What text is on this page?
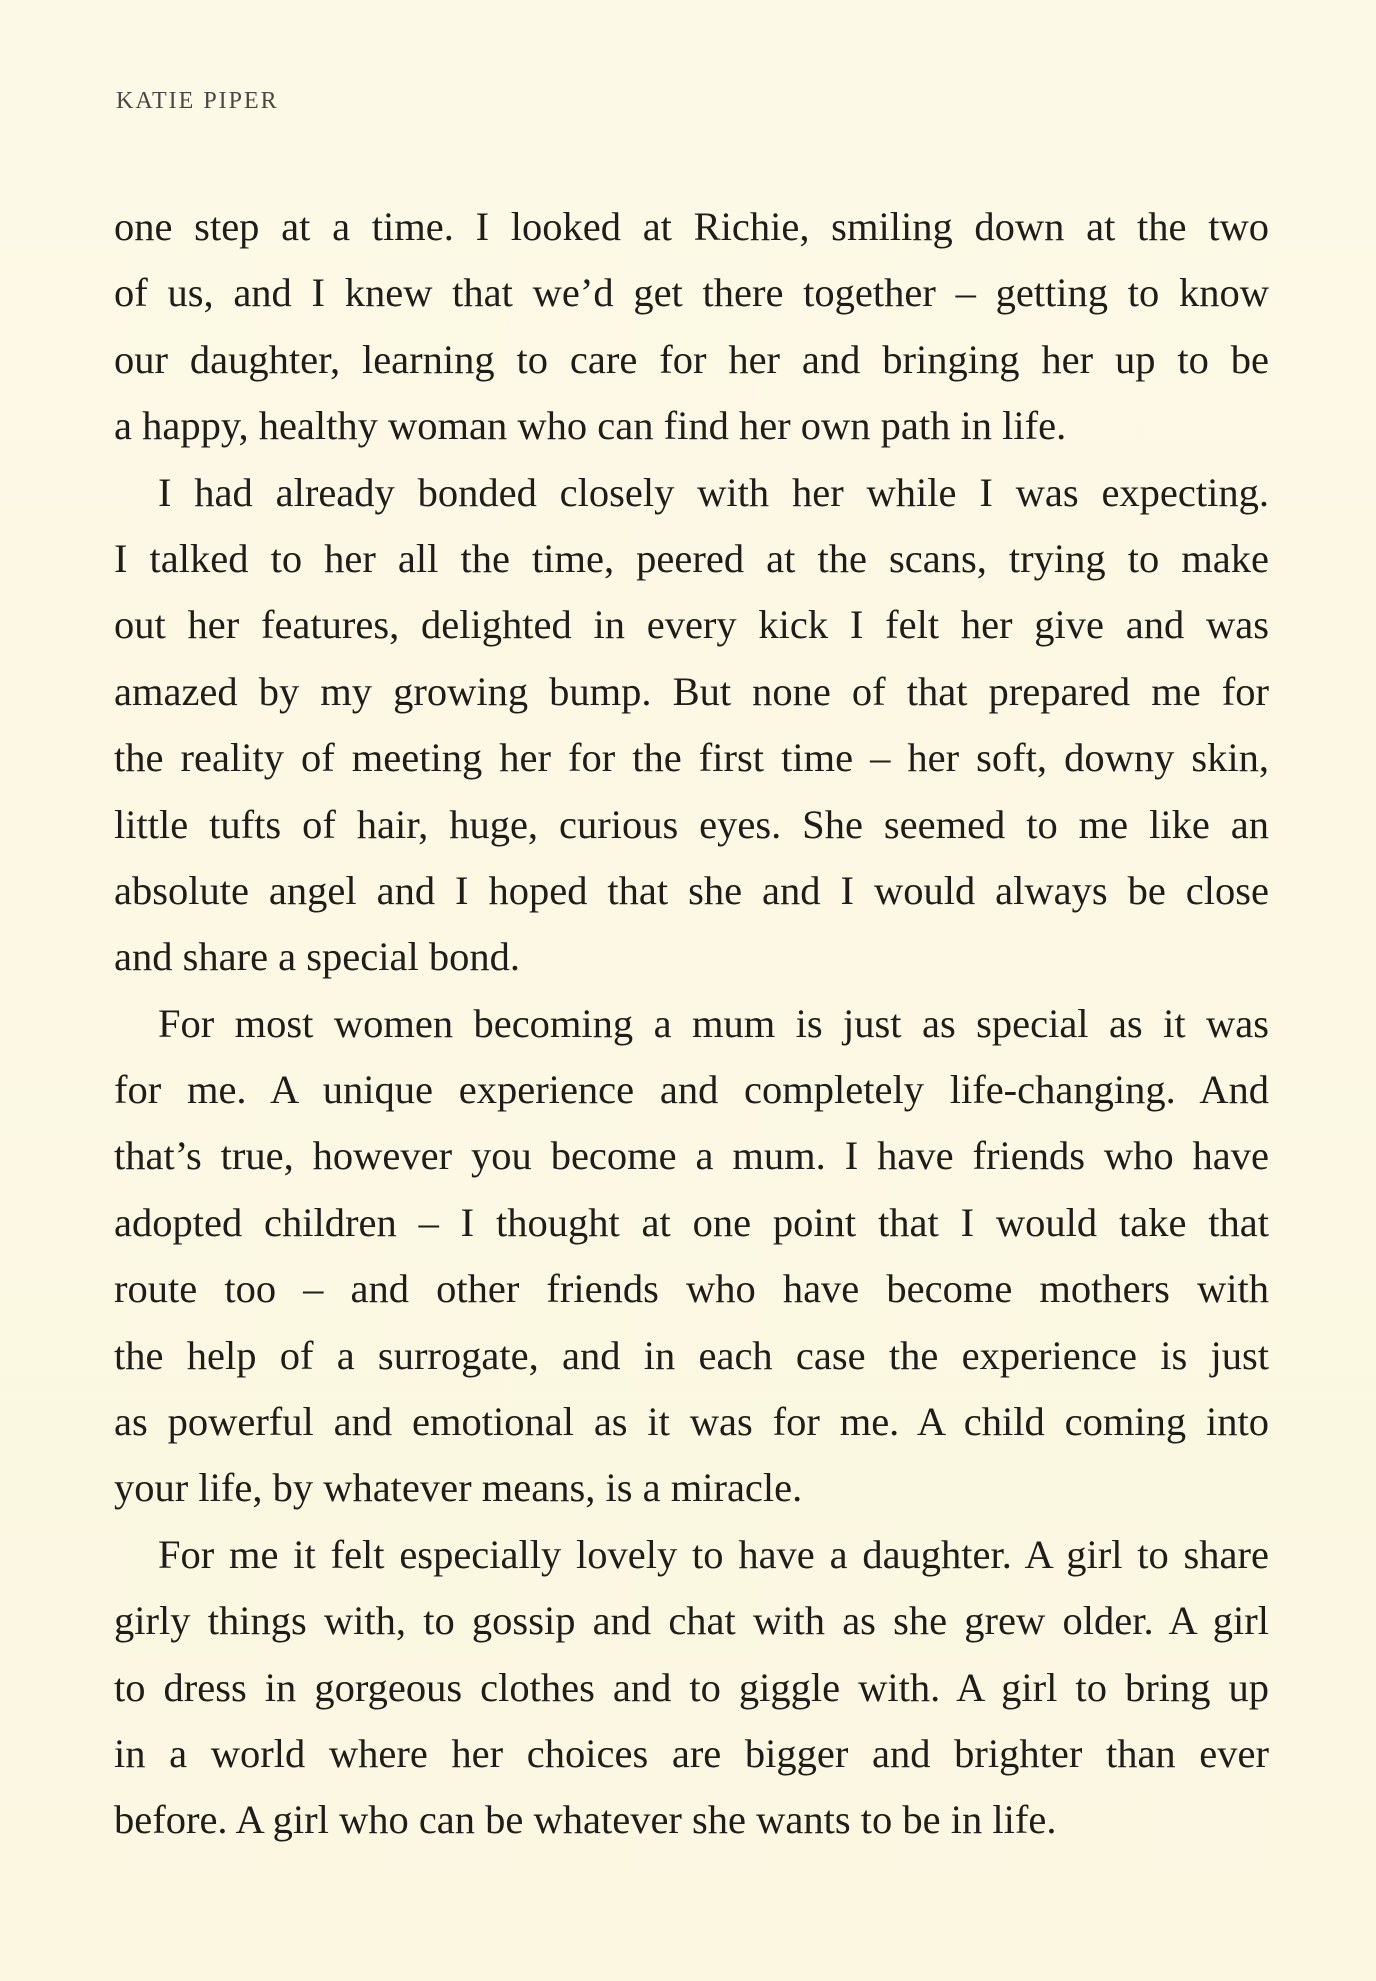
KATIE PIPER
one step at a time. I looked at Richie, smiling down at the two
of us, and I knew that we’d get there together – getting to know
our daughter, learning to care for her and bringing her up to be
a happy, healthy woman who can find her own path in life.
I had already bonded closely with her while I was expecting.
I talked to her all the time, peered at the scans, trying to make
out her features, delighted in every kick I felt her give and was
amazed by my growing bump. But none of that prepared me for
the reality of meeting her for the first time – her soft, downy skin,
little tufts of hair, huge, curious eyes. She seemed to me like an
absolute angel and I hoped that she and I would always be close
and share a special bond.
For most women becoming a mum is just as special as it was
for me. A unique experience and completely life-changing. And
that’s true, however you become a mum. I have friends who have
adopted children – I thought at one point that I would take that
route too – and other friends who have become mothers with
the help of a surrogate, and in each case the experience is just
as powerful and emotional as it was for me. A child coming into
your life, by whatever means, is a miracle.
For me it felt especially lovely to have a daughter. A girl to share
girly things with, to gossip and chat with as she grew older. A girl
to dress in gorgeous clothes and to giggle with. A girl to bring up
in a world where her choices are bigger and brighter than ever
before. A girl who can be whatever she wants to be in life.
